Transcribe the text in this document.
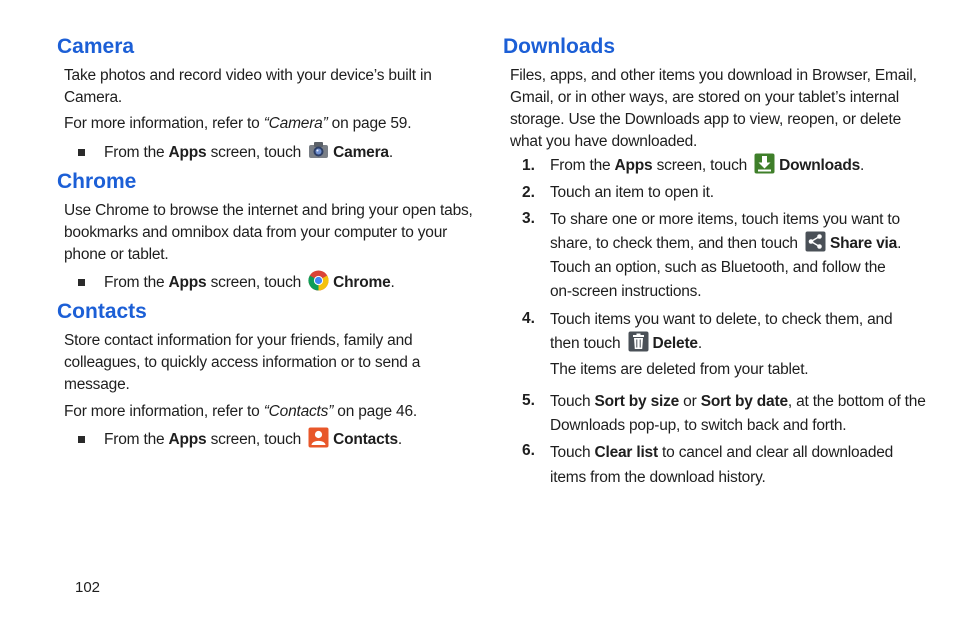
Camera

Take photos and record video with your device’s built in
Camera.

For more information, refer to “Camera” on page 59.

From the Apps screen, touch Camera.

Chrome

Use Chrome to browse the internet and bring your open tabs,
bookmarks and omnibox data from your computer to your
phone or tablet.

From the Apps screen, touch Chrome.

Contacts

Store contact information for your friends, family and
colleagues, to quickly access information or to send a
message.

For more information, refer to “Contacts” on page 46.

From the Apps screen, touch Contacts.

Downloads

Files, apps, and other items you download in Browser, Email,
Gmail, or in other ways, are stored on your tablet’s internal
storage. Use the Downloads app to view, reopen, or delete
what you have downloaded.

1. From the Apps screen, touch Downloads.

2. Touch an item to open it.

3. To share one or more items, touch items you want to
share, to check them, and then touch Share via.
Touch an option, such as Bluetooth, and follow the
on-screen instructions.

4. Touch items you want to delete, to check them, and
then touch Delete.

The items are deleted from your tablet.

5. Touch Sort by size or Sort by date, at the bottom of the
Downloads pop-up, to switch back and forth.

6. Touch Clear list to cancel and clear all downloaded
items from the download history.

102
